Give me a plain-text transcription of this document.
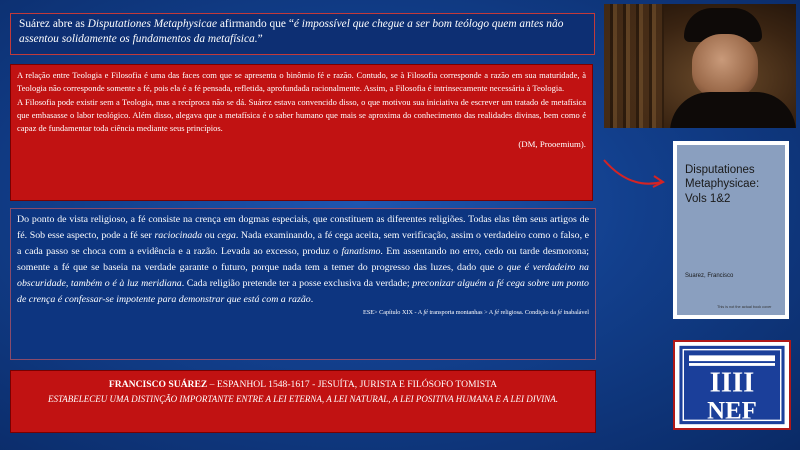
Suárez abre as Disputationes Metaphysicae afirmando que “é impossível que chegue a ser bom teólogo quem antes não assentou solidamente os fundamentos da metafísica.”

A relação entre Teologia e Filosofia é uma das faces com que se apresenta o binômio fé e razão. Contudo, se à Filosofia corresponde a razão em sua maturidade, à Teologia não corresponde somente a fé, pois ela é a fé pensada, refletida, aprofundada racionalmente. Assim, a Filosofia é intrinsecamente necessária à Teologia.

A Filosofia pode existir sem a Teologia, mas a recíproca não se dá. Suárez estava convencido disso, o que motivou sua iniciativa de escrever um tratado de metafísica que embasasse o labor teológico. Além disso, alegava que a metafísica é o saber humano que mais se aproxima do conhecimento das realidades divinas, bem como é capaz de fundamentar toda ciência mediante seus princípios.

(DM, Prooemium).

Do ponto de vista religioso, a fé consiste na crença em dogmas especiais, que constituem as diferentes religiões. Todas elas têm seus artigos de fé. Sob esse aspecto, pode a fé ser raciocinada ou cega. Nada examinando, a fé cega aceita, sem verificação, assim o verdadeiro como o falso, e a cada passo se choca com a evidência e a razão. Levada ao excesso, produz o fanatismo. Em assentando no erro, cedo ou tarde desmorona; somente a fé que se baseia na verdade garante o futuro, porque nada tem a temer do progresso das luzes, dado que o que é verdadeiro na obscuridade, também o é à luz meridiana. Cada religião pretende ter a posse exclusiva da verdade; preconizar alguém a fé cega sobre um ponto de crença é confessar-se impotente para demonstrar que está com a razão.
ESE> Capítulo XIX - A fé transporta montanhas > A fé religiosa. Condição da fé inabalável
FRANCISCO SUÁREZ – ESPANHOL 1548-1617 - JESUÍTA, JURISTA E FILÓSOFO TOMISTA
ESTABELECEU UMA DISTINÇÃO IMPORTANTE ENTRE A LEI ETERNA, A LEI NATURAL, A LEI POSITIVA HUMANA E A LEI DIVINA.
Disputationes Metaphysicae: Vols 1&2
Suarez, Francisco
This is not the actual book cover
IIII
NEF
